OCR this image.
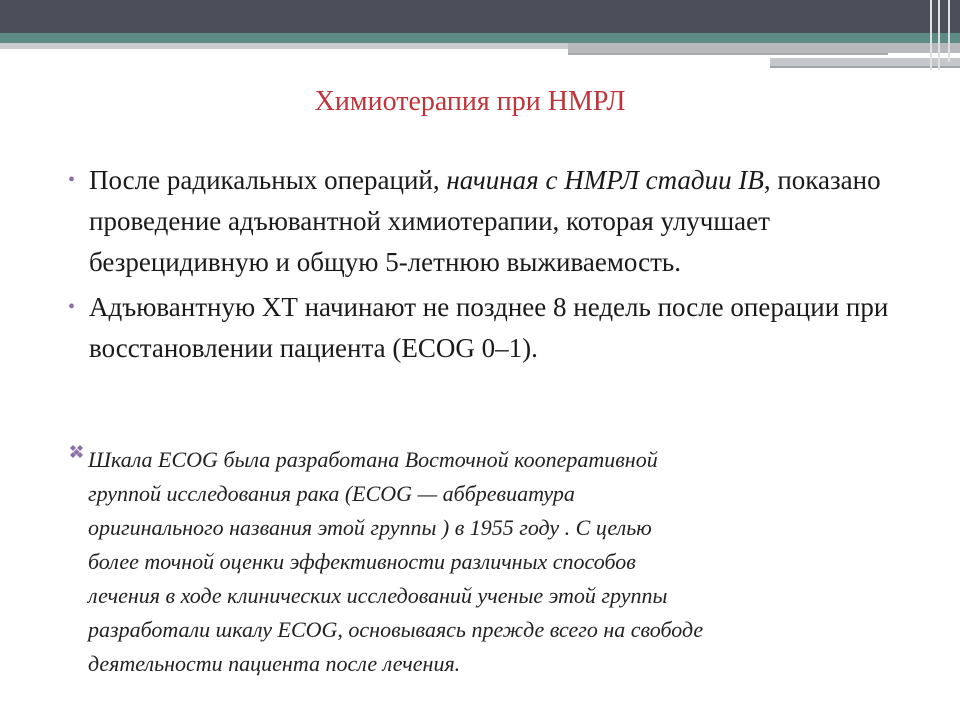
Химиотерапия при НМРЛ
• После радикальных операций, начиная с НМРЛ стадии IB, показано проведение адъювантной химиотерапии, которая улучшает безрецидивную и общую 5-летнюю выживаемость.
• Адъювантную ХТ начинают не позднее 8 недель после операции при восстановлении пациента (ECOG 0–1).
Шкала ECOG была разработана Восточной кооперативной
группой исследования рака (ECOG — аббревиатура
оригинального названия этой группы ) в 1955 году . С целью
более точной оценки эффективности различных способов
лечения в ходе клинических исследований ученые этой группы
разработали шкалу ECOG, основываясь прежде всего на свободе
деятельности пациента после лечения.
